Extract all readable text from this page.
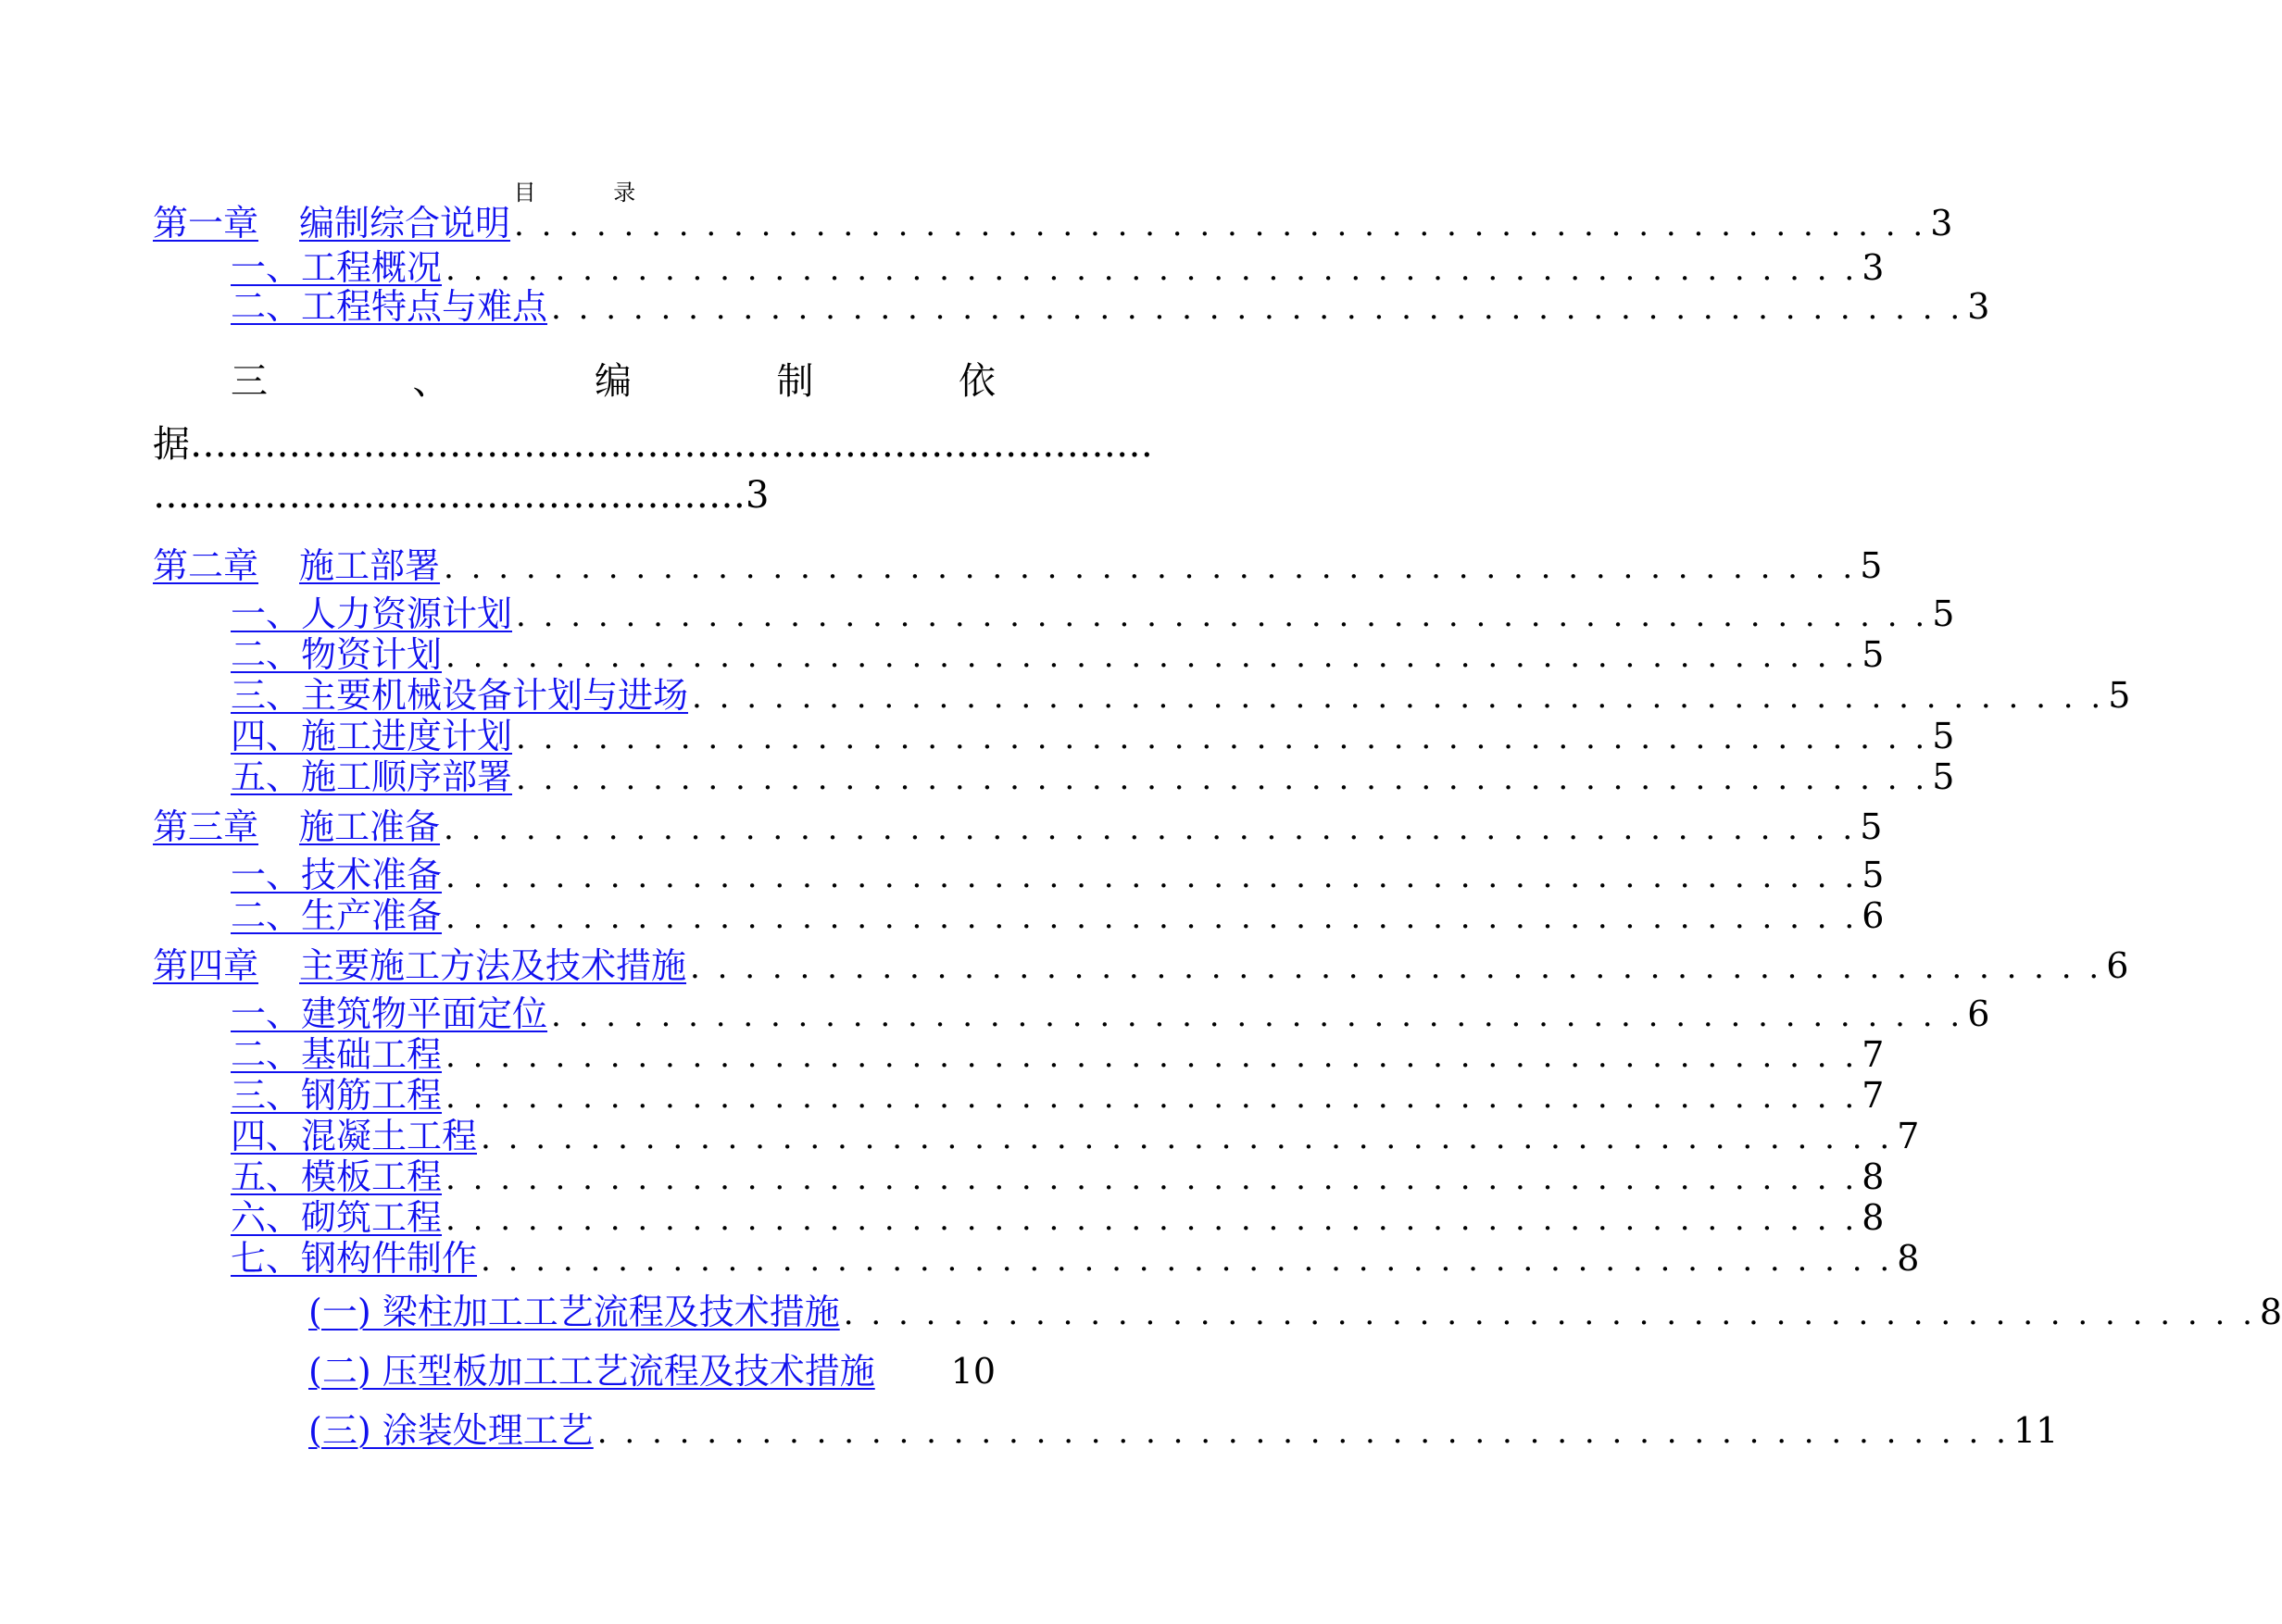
目 录
第一章 编制综合说明 . . . . . . . . . . . . . . . . . . . . . . . . . . . . . . . . . . . . . . . . . . . . . . . . . . . . 3
一、工程概况 . . . . . . . . . . . . . . . . . . . . . . . . . . . . . . . . . . . . . . . . . . . . . . . . . . . . 3
二、工程特点与难点 . . . . . . . . . . . . . . . . . . . . . . . . . . . . . . . . . . . . . . . . . . . . . . . . . . . . 3
三	、	编	制	依
据……………………………………………………………………
…………………………………………3
第二章 施工部署 . . . . . . . . . . . . . . . . . . . . . . . . . . . . . . . . . . . . . . . . . . . . . . . . . . . . 5
一、人力资源计划 . . . . . . . . . . . . . . . . . . . . . . . . . . . . . . . . . . . . . . . . . . . . . . . . . . . . 5
二、物资计划 . . . . . . . . . . . . . . . . . . . . . . . . . . . . . . . . . . . . . . . . . . . . . . . . . . . . 5
三、主要机械设备计划与进场 . . . . . . . . . . . . . . . . . . . . . . . . . . . . . . . . . . . . . . . . . . . . . . . . . . . . 5
四、施工进度计划 . . . . . . . . . . . . . . . . . . . . . . . . . . . . . . . . . . . . . . . . . . . . . . . . . . . . 5
五、施工顺序部署 . . . . . . . . . . . . . . . . . . . . . . . . . . . . . . . . . . . . . . . . . . . . . . . . . . . . 5
第三章 施工准备 . . . . . . . . . . . . . . . . . . . . . . . . . . . . . . . . . . . . . . . . . . . . . . . . . . . . 5
一、技术准备 . . . . . . . . . . . . . . . . . . . . . . . . . . . . . . . . . . . . . . . . . . . . . . . . . . . . 5
二、生产准备 . . . . . . . . . . . . . . . . . . . . . . . . . . . . . . . . . . . . . . . . . . . . . . . . . . . . 6
第四章 主要施工方法及技术措施 . . . . . . . . . . . . . . . . . . . . . . . . . . . . . . . . . . . . . . . . . . . . . . . . . . . . 6
一、建筑物平面定位 . . . . . . . . . . . . . . . . . . . . . . . . . . . . . . . . . . . . . . . . . . . . . . . . . . . . 6
二、基础工程 . . . . . . . . . . . . . . . . . . . . . . . . . . . . . . . . . . . . . . . . . . . . . . . . . . . . 7
三、钢筋工程 . . . . . . . . . . . . . . . . . . . . . . . . . . . . . . . . . . . . . . . . . . . . . . . . . . . . 7
四、混凝土工程 . . . . . . . . . . . . . . . . . . . . . . . . . . . . . . . . . . . . . . . . . . . . . . . . . . . . 7
五、模板工程 . . . . . . . . . . . . . . . . . . . . . . . . . . . . . . . . . . . . . . . . . . . . . . . . . . . . 8
六、砌筑工程 . . . . . . . . . . . . . . . . . . . . . . . . . . . . . . . . . . . . . . . . . . . . . . . . . . . . 8
七、钢构件制作 . . . . . . . . . . . . . . . . . . . . . . . . . . . . . . . . . . . . . . . . . . . . . . . . . . . . 8
(一) 梁柱加工工艺流程及技术措施 . . . . . . . . . . . . . . . . . . . . . . . . . . . . . . . . . . . . . . . . . . . . . . . . . . . . 8
(二) 压型板加工工艺流程及技术措施 10
(三) 涂装处理工艺 . . . . . . . . . . . . . . . . . . . . . . . . . . . . . . . . . . . . . . . . . . . . . . . . . . . . 11
